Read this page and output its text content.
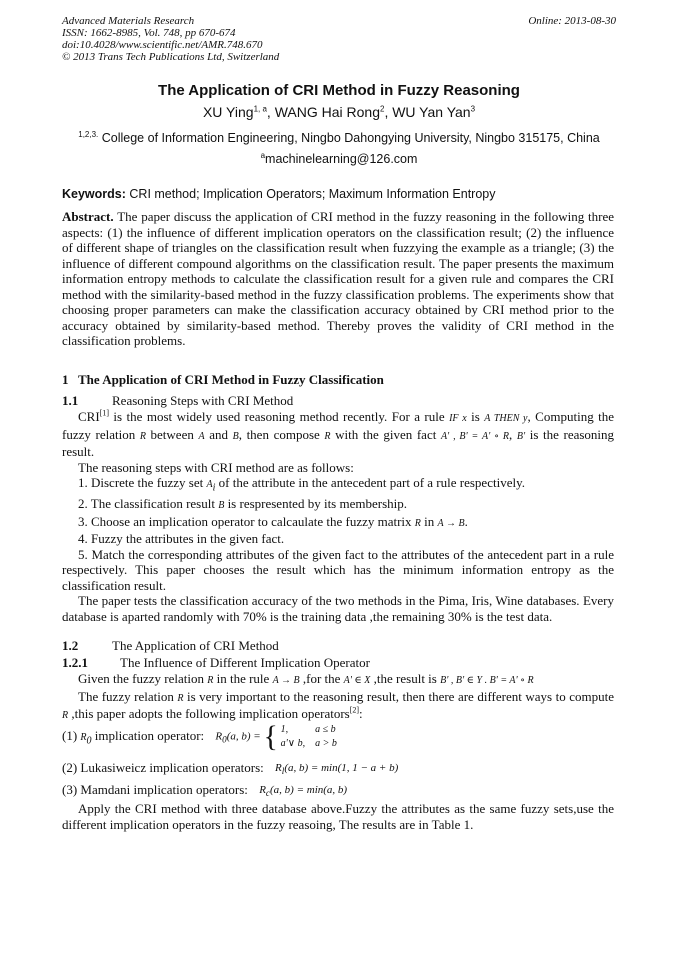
Advanced Materials Research
ISSN: 1662-8985, Vol. 748, pp 670-674
doi:10.4028/www.scientific.net/AMR.748.670
© 2013 Trans Tech Publications Ltd, Switzerland
Online: 2013-08-30
The Application of CRI Method in Fuzzy Reasoning
XU Ying$^{1, a}$, WANG Hai Rong$^2$, WU Yan Yan$^3$
$^{1,2,3.}$ College of Information Engineering, Ningbo Dahongying University, Ningbo 315175, China
$^a$machinelearning@126.com
Keywords: CRI method; Implication Operators; Maximum Information Entropy
Abstract. The paper discuss the application of CRI method in the fuzzy reasoning in the following three aspects: (1) the influence of different implication operators on the classification result; (2) the influence of different shape of triangles on the classification result when fuzzying the example as a triangle; (3) the influence of different compound algorithms on the classification result. The paper presents the maximum information entropy methods to calculate the classification result for a given rule and compares the CRI method with the similarity-based method in the fuzzy classification problems. The experiments show that choosing proper parameters can make the classification accuracy obtained by CRI method prior to the accuracy obtained by similarity-based method. Thereby proves the validity of CRI method in the classification problems.
1 The Application of CRI Method in Fuzzy Classification
1.1	Reasoning Steps with CRI Method
CRI[1] is the most widely used reasoning method recently. For a rule IF x is A THEN y, Computing the fuzzy relation R between A and B, then compose R with the given fact A' , B' = A' ∘ R, B' is the reasoning result.
The reasoning steps with CRI method are as follows:
1. Discrete the fuzzy set $A_i$ of the attribute in the antecedent part of a rule respectively.
2. The classification result B is respresented by its membership.
3. Choose an implication operator to calcaulate the fuzzy matrix R in A → B.
4. Fuzzy the attributes in the given fact.
5. Match the corresponding attributes of the given fact to the attributes of the antecedent part in a rule respectively. This paper chooses the result which has the minimum information entropy as the classification result.
The paper tests the classification accuracy of the two methods in the Pima, Iris, Wine databases. Every database is aparted randomly with 70% is the training data ,the remaining 30% is the test data.
1.2	The Application of CRI Method
1.2.1 The Influence of Different Implication Operator
Given the fuzzy relation R in the rule A → B ,for the A' ∈ X ,the result is B' , B' ∈ Y . B' = A' ∘ R
The fuzzy relation R is very important to the reasoning result, then there are different ways to compute R ,this paper adopts the following implication operators[2]:
(1) $R_0$ implication operator: $R_0(a$, b) = { 1,	a ≤ b
a'∨ b, a > b
(2) Lukasiweicz implication operators: $R_l(a$, b) = min(1, 1 − a + b)
(3) Mamdani implication operators: $R_c(a$, b) = min(a, b)
Apply the CRI method with three database above.Fuzzy the attributes as the same fuzzy sets,use the different implication operators in the fuzzy reasoing, The results are in Table 1.
